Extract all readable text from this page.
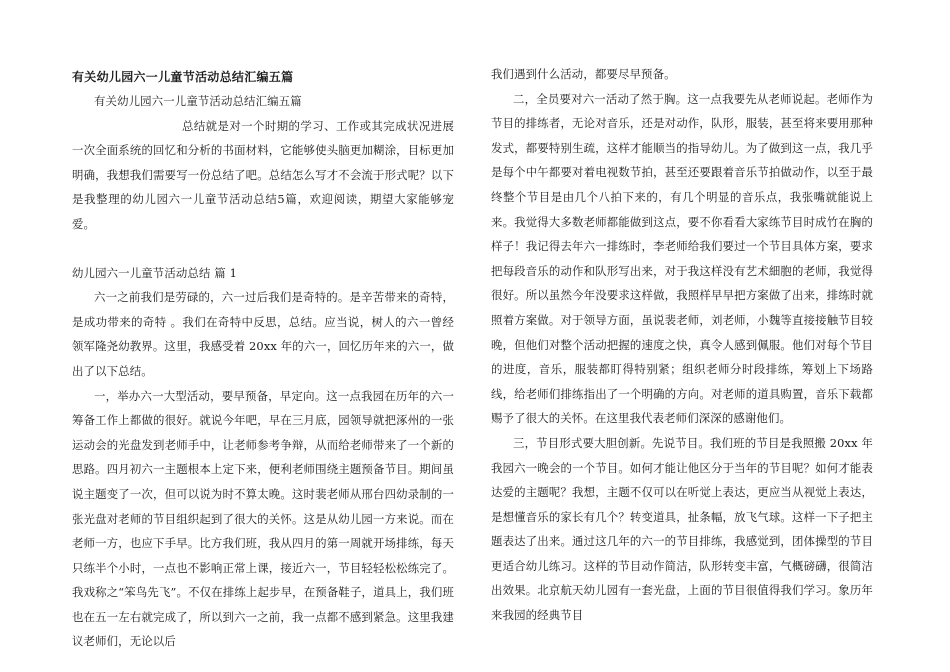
有关幼儿园六一儿童节活动总结汇编五篇

有关幼儿园六一儿童节活动总结汇编五篇

总结就是对一个时期的学习、工作或其完成状况进展一次全面系统的回忆和分析的书面材料，它能够使头脑更加糊涂，目标更加明确，我想我们需要写一份总结了吧。总结怎么写才不会流于形式呢？以下是我整理的幼儿园六一儿童节活动总结5篇，欢迎阅读，期望大家能够宠爱。

幼儿园六一儿童节活动总结 篇 1

六一之前我们是劳碌的，六一过后我们是奇特的。是辛苦带来的奇特，是成功带来的奇特 。我们在奇特中反思，总结。应当说，树人的六一曾经领军隆尧幼教界。这里，我感受着 20xx 年的六一，回忆历年来的六一，做出了以下总结。

一，举办六一大型活动，要早预备，早定向。这一点我园在历年的六一筹备工作上都做的很好。就说今年吧，早在三月底，园领导就把涿州的一张运动会的光盘发到老师手中，让老师参考争辩，从而给老师带来了一个新的思路。四月初六一主题根本上定下来，便利老师围绕主题预备节目。期间虽说主题变了一次，但可以说为时不算太晚。这时裴老师从邢台四幼录制的一张光盘对老师的节目组织起到了很大的关怀。这是从幼儿园一方来说。而在老师一方，也应下手早。比方我们班，我从四月的第一周就开场排练，每天只练半个小时，一点也不影响正常上课，接近六一，节目轻轻松松练完了。我戏称之“笨鸟先飞”。不仅在排练上起步早，在预备鞋子，道具上，我们班也在五一左右就完成了，所以到六一之前，我一点都不感到紧急。这里我建议老师们，无论以后

我们遇到什么活动，都要尽早预备。

二，全员要对六一活动了然于胸。这一点我要先从老师说起。老师作为节目的排练者，无论对音乐，还是对动作，队形，服装，甚至将来要用那种发式，都要特别生疏，这样才能顺当的指导幼儿。为了做到这一点，我几乎是每个中午都要对着电视数节拍，甚至还要跟着音乐节拍做动作，以至于最终整个节目是由几个八拍下来的，有几个明显的音乐点，我张嘴就能说上来。我觉得大多数老师都能做到这点，要不你看看大家练节目时成竹在胸的样子！我记得去年六一排练时，李老师给我们要过一个节目具体方案，要求把每段音乐的动作和队形写出来，对于我这样没有艺术細胞的老师，我觉得很好。所以虽然今年没要求这样做，我照样早早把方案做了出来，排练时就照着方案做。对于领导方面，虽说裴老师，刘老师，小魏等直接接触节目较晚，但他们对整个活动把握的速度之快，真令人感到佩服。他们对每个节目的进度，音乐，服装都盯得特别紧；组织老师分时段排练，筹划上下场路线，给老师们排练指出了一个明确的方向。对老师的道具购置，音乐下载都赐予了很大的关怀。在这里我代表老师们深深的感谢他们。

三，节目形式要大胆创新。先说节目。我们班的节目是我照搬 20xx 年我园六一晚会的一个节目。如何才能让他区分于当年的节目呢？如何才能表达爱的主题呢？我想，主题不仅可以在听觉上表达，更应当从视觉上表达，是想懂音乐的家长有几个？转变道具，扯条幅，放飞气球。这样一下子把主题表达了出来。通过这几年的六一的节目排练，我感觉到，团体操型的节目更适合幼儿练习。这样的节目动作简洁，队形转变丰富，气概磅礴，很简洁出效果。北京航天幼儿园有一套光盘，上面的节目很值得我们学习。象历年来我园的经典节目
